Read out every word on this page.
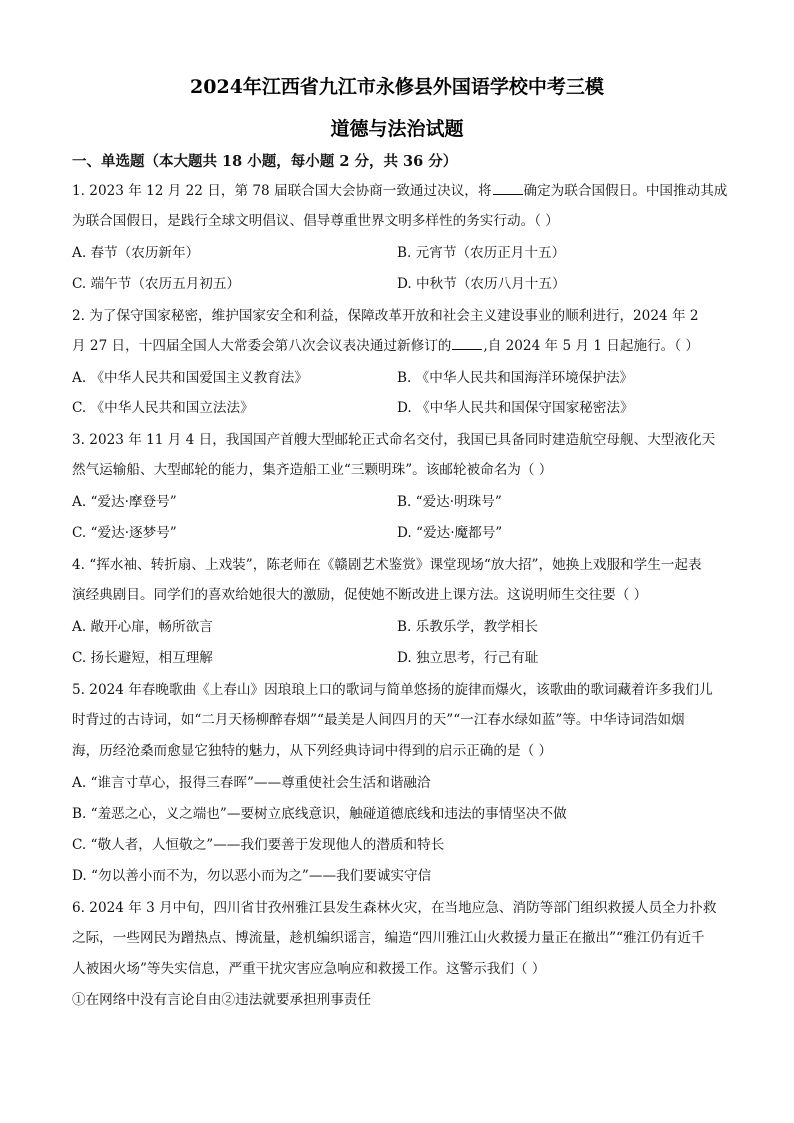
2024年江西省九江市永修县外国语学校中考三模
道德与法治试题
一、单选题（本大题共 18 小题，每小题 2 分，共 36 分）
1. 2023 年 12 月 22 日，第 78 届联合国大会协商一致通过决议，将 确定为联合国假日。中国推动其成
为联合国假日，是践行全球文明倡议、倡导尊重世界文明多样性的务实行动。（ ）
A. 春节（农历新年）	B. 元宵节（农历正月十五）
C. 端午节（农历五月初五）	D. 中秋节（农历八月十五）
2. 为了保守国家秘密，维护国家安全和利益，保障改革开放和社会主义建设事业的顺利进行，2024 年 2
月 27 日，十四届全国人大常委会第八次会议表决通过新修订的 ,自 2024 年 5 月 1 日起施行。（ ）
A. 《中华人民共和国爱国主义教育法》	B. 《中华人民共和国海洋环境保护法》
C. 《中华人民共和国立法法》	D. 《中华人民共和国保守国家秘密法》
3. 2023 年 11 月 4 日，我国国产首艘大型邮轮正式命名交付，我国已具备同时建造航空母舰、大型液化天
然气运输船、大型邮轮的能力，集齐造船工业“三颗明珠”。该邮轮被命名为（ ）
A. “爱达·摩登号”	B. “爱达·明珠号”
C. “爱达·逐梦号”	D. “爱达·魔都号”
4. “挥水袖、转折扇、上戏装”，陈老师在《赣剧艺术鉴赏》课堂现场“放大招”，她换上戏服和学生一起表
演经典剧目。同学们的喜欢给她很大的激励，促使她不断改进上课方法。这说明师生交往要（ ）
A. 敞开心扉，畅所欲言	B. 乐教乐学，教学相长
C. 扬长避短，相互理解	D. 独立思考，行己有耻
5. 2024 年春晚歌曲《上春山》因琅琅上口的歌词与简单悠扬的旋律而爆火，该歌曲的歌词藏着许多我们儿
时背过的古诗词，如“二月天杨柳醉春烟”“最美是人间四月的天”“一江春水绿如蓝”等。中华诗词浩如烟
海，历经沧桑而愈显它独特的魅力，从下列经典诗词中得到的启示正确的是（ ）
A. “谁言寸草心，报得三春晖”——尊重使社会生活和谐融洽
B. “羞恶之心，义之端也”—要树立底线意识，触碰道德底线和违法的事情坚决不做
C. “敬人者，人恒敬之”——我们要善于发现他人的潜质和特长
D. “勿以善小而不为，勿以恶小而为之”——我们要诚实守信
6. 2024 年 3 月中旬，四川省甘孜州雅江县发生森林火灾，在当地应急、消防等部门组织救援人员全力扑救
之际，一些网民为蹭热点、博流量，趁机编织谣言，编造“四川雅江山火救援力量正在撤出”“雅江仍有近千
人被困火场”等失实信息，严重干扰灾害应急响应和救援工作。这警示我们（ ）
①在网络中没有言论自由②违法就要承担刑事责任
